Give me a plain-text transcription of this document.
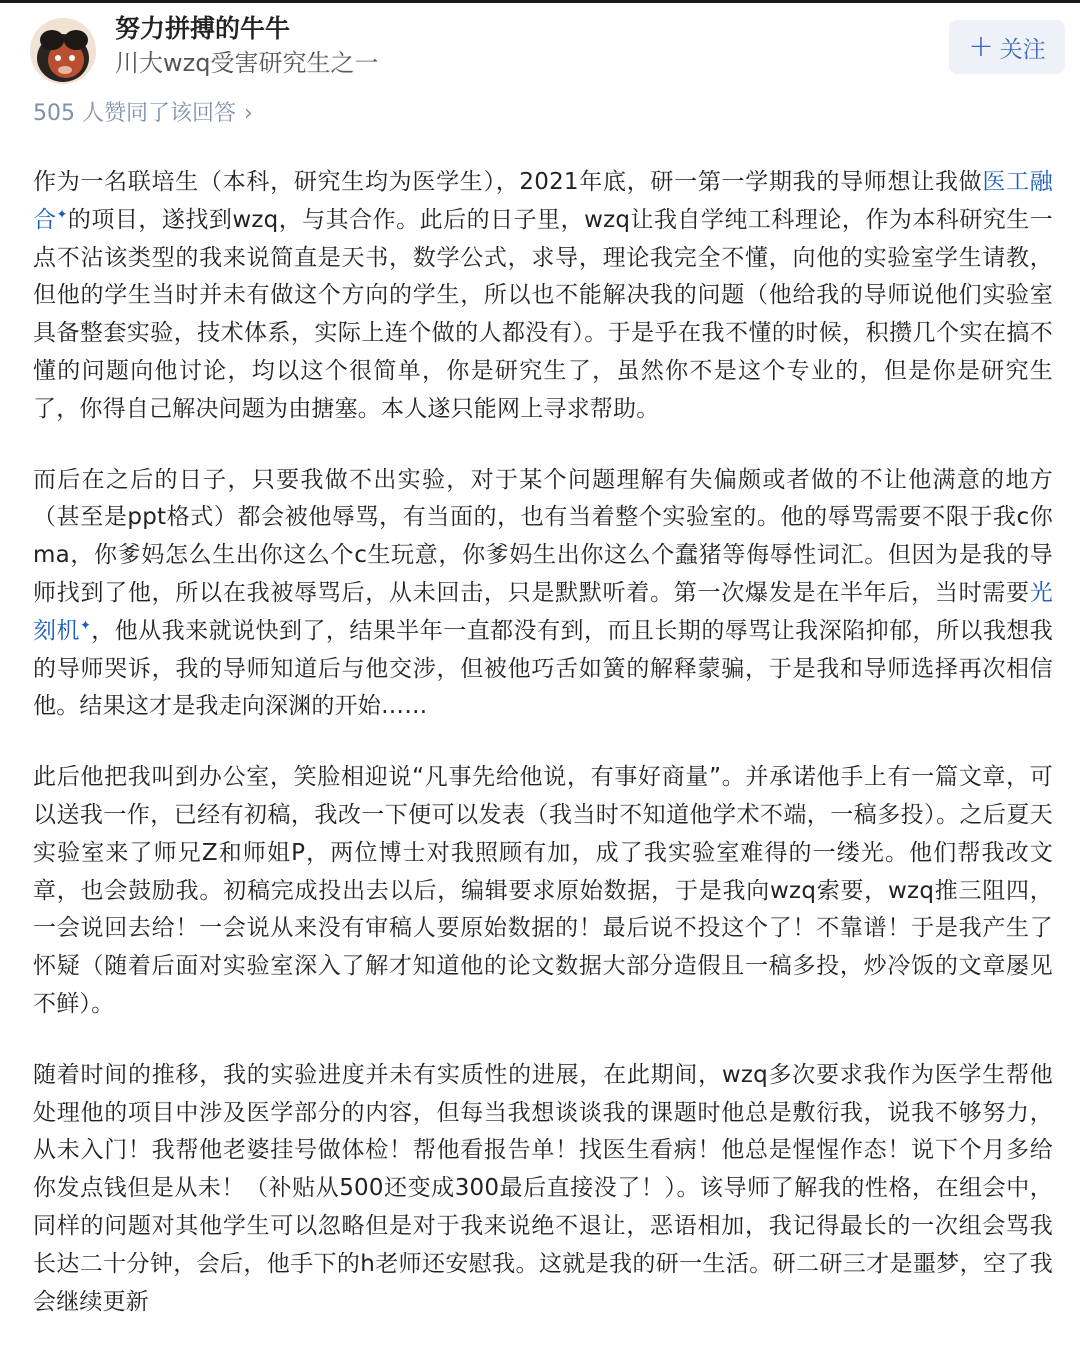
努力拼搏的牛牛
川大wzq受害研究生之一	+ 关注
505 人赞同了该回答 ›

作为一名联培生（本科，研究生均为医学生），2021年底，研一第一学期我的导师想让我做医工融合✦的项目，遂找到wzq，与其合作。此后的日子里，wzq让我自学纯工科理论，作为本科研究生一点不沾该类型的我来说简直是天书，数学公式，求导，理论我完全不懂，向他的实验室学生请教，但他的学生当时并未有做这个方向的学生，所以也不能解决我的问题（他给我的导师说他们实验室具备整套实验，技术体系，实际上连个做的人都没有）。于是乎在我不懂的时候，积攒几个实在搞不懂的问题向他讨论，均以这个很简单，你是研究生了，虽然你不是这个专业的，但是你是研究生了，你得自己解决问题为由搪塞。本人遂只能网上寻求帮助。

而后在之后的日子，只要我做不出实验，对于某个问题理解有失偏颇或者做的不让他满意的地方（甚至是ppt格式）都会被他辱骂，有当面的，也有当着整个实验室的。他的辱骂需要不限于我c你ma，你爹妈怎么生出你这么个c生玩意，你爹妈生出你这么个蠢猪等侮辱性词汇。但因为是我的导师找到了他，所以在我被辱骂后，从未回击，只是默默听着。第一次爆发是在半年后，当时需要光刻机✦，他从我来就说快到了，结果半年一直都没有到，而且长期的辱骂让我深陷抑郁，所以我想我的导师哭诉，我的导师知道后与他交涉，但被他巧舌如簧的解释蒙骗，于是我和导师选择再次相信他。结果这才是我走向深渊的开始……

此后他把我叫到办公室，笑脸相迎说“凡事先给他说，有事好商量”。并承诺他手上有一篇文章，可以送我一作，已经有初稿，我改一下便可以发表（我当时不知道他学术不端，一稿多投）。之后夏天实验室来了师兄Z和师姐P，两位博士对我照顾有加，成了我实验室难得的一缕光。他们帮我改文章，也会鼓励我。初稿完成投出去以后，编辑要求原始数据，于是我向wzq索要，wzq推三阻四，一会说回去给！一会说从来没有审稿人要原始数据的！最后说不投这个了！不靠谱！于是我产生了怀疑（随着后面对实验室深入了解才知道他的论文数据大部分造假且一稿多投，炒冷饭的文章屡见不鲜）。

随着时间的推移，我的实验进度并未有实质性的进展，在此期间，wzq多次要求我作为医学生帮他处理他的项目中涉及医学部分的内容，但每当我想谈谈我的课题时他总是敷衍我，说我不够努力，从未入门！我帮他老婆挂号做体检！帮他看报告单！找医生看病！他总是惺惺作态！说下个月多给你发点钱但是从未！（补贴从500还变成300最后直接没了！）。该导师了解我的性格，在组会中，同样的问题对其他学生可以忽略但是对于我来说绝不退让，恶语相加，我记得最长的一次组会骂我长达二十分钟，会后，他手下的h老师还安慰我。这就是我的研一生活。研二研三才是噩梦，空了我会继续更新
